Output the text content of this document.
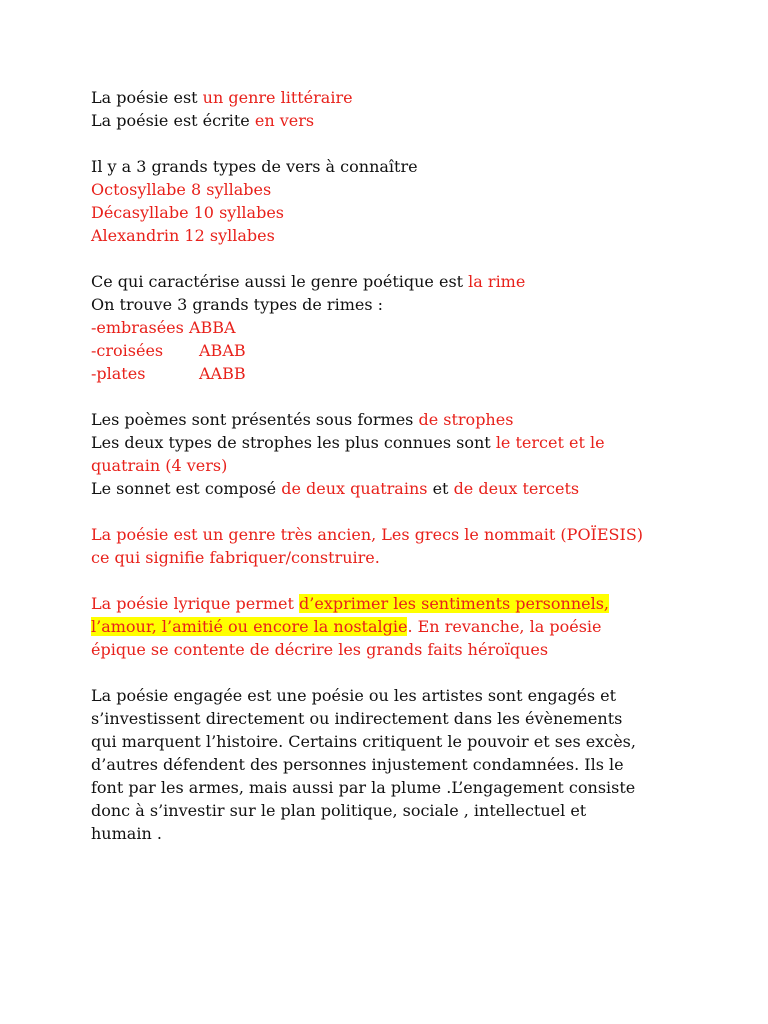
La poésie est un genre littéraire
La poésie est écrite en vers
Il y a 3 grands types de vers à connaître
Octosyllabe 8 syllabes
Décasyllabe 10 syllabes
Alexandrin 12 syllabes
Ce qui caractérise aussi le genre poétique est la rime
On trouve 3 grands types de rimes :
-embrasées ABBA
-croisées ABAB
-plates	AABB
Les poèmes sont présentés sous formes de strophes
Les deux types de strophes les plus connues sont le tercet et le
quatrain (4 vers)
Le sonnet est composé de deux quatrains et de deux tercets
La poésie est un genre très ancien, Les grecs le nommait (POÏESIS)
ce qui signifie fabriquer/construire.
La poésie lyrique permet d’exprimer les sentiments personnels,
l’amour, l’amitié ou encore la nostalgie. En revanche, la poésie
épique se contente de décrire les grands faits héroïques
La poésie engagée est une poésie ou les artistes sont engagés et
s’investissent directement ou indirectement dans les évènements
qui marquent l’histoire. Certains critiquent le pouvoir et ses excès,
d’autres défendent des personnes injustement condamnées. Ils le
font par les armes, mais aussi par la plume .L’engagement consiste
donc à s’investir sur le plan politique, sociale , intellectuel et
humain .
